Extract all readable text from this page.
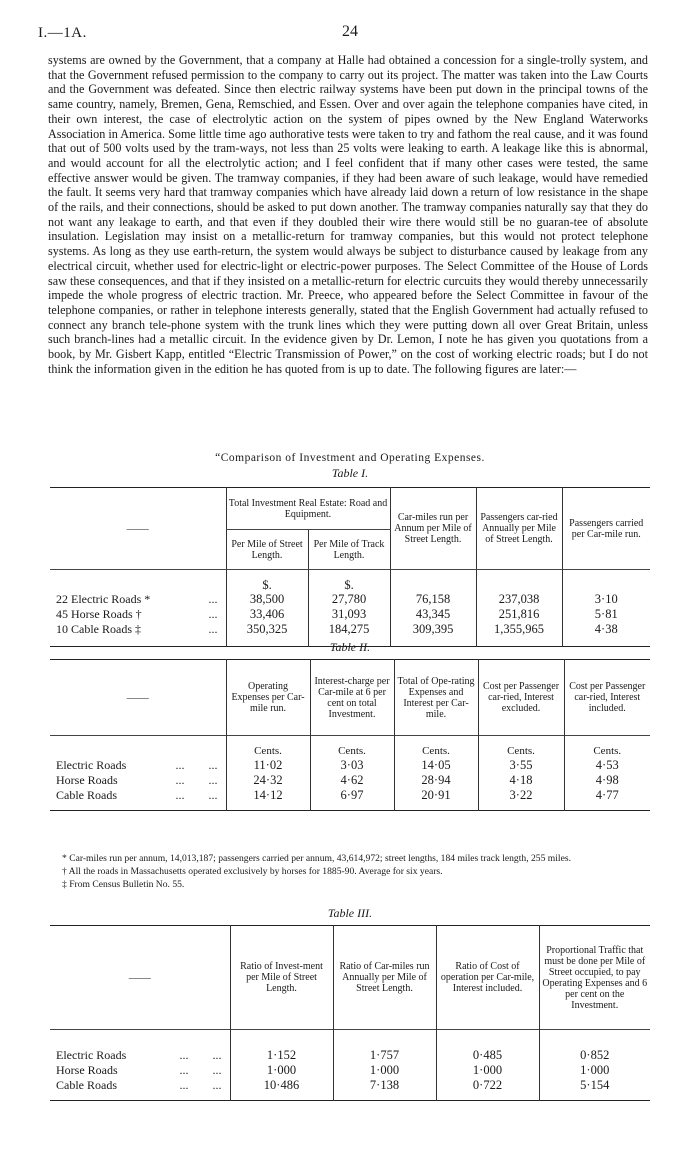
I.—1A.	24

systems are owned by the Government, that a company at Halle had obtained a concession for a single-trolly system, and that the Government refused permission to the company to carry out its project. The matter was taken into the Law Courts and the Government was defeated. Since then electric railway systems have been put down in the principal towns of the same country, namely, Bremen, Gena, Remschied, and Essen. Over and over again the telephone companies have cited, in their own interest, the case of electrolytic action on the system of pipes owned by the New England Waterworks Association in America. Some little time ago authorative tests were taken to try and fathom the real cause, and it was found that out of 500 volts used by the tram-ways, not less than 25 volts were leaking to earth. A leakage like this is abnormal, and would account for all the electrolytic action; and I feel confident that if many other cases were tested, the same effective answer would be given. The tramway companies, if they had been aware of such leakage, would have remedied the fault. It seems very hard that tramway companies which have already laid down a return of low resistance in the shape of the rails, and their connections, should be asked to put down another. The tramway companies naturally say that they do not want any leakage to earth, and that even if they doubled their wire there would still be no guaran-tee of absolute insulation. Legislation may insist on a metallic-return for tramway companies, but this would not protect telephone systems. As long as they use earth-return, the system would always be subject to disturbance caused by leakage from any electrical circuit, whether used for electric-light or electric-power purposes. The Select Committee of the House of Lords saw these consequences, and that if they insisted on a metallic-return for electric curcuits they would thereby unnecessarily impede the whole progress of electric traction. Mr. Preece, who appeared before the Select Committee in favour of the telephone companies, or rather in telephone interests generally, stated that the English Government had actually refused to connect any branch tele-phone system with the trunk lines which they were putting down all over Great Britain, unless such branch-lines had a metallic circuit. In the evidence given by Dr. Lemon, I note he has given you quotations from a book, by Mr. Gisbert Kapp, entitled “Electric Transmission of Power,” on the cost of working electric roads; but I do not think the information given in the edition he has quoted from is up to date. The following figures are later:—

“Comparison of Investment and Operating Expenses.
Table I.
——	Total Investment Real Estate: Road and Equipment.		Car-miles run per Annum per Mile of Street Length.	Passengers car-ried Annually per Mile of Street Length.	Passengers carried per Car-mile run.
	Per Mile of Street Length.	Per Mile of Track Length.			
	$.	$.			
22 Electric Roads * ...	38,500	27,780	76,158	237,038	3·10
45 Horse Roads † ...	33,406	31,093	43,345	251,816	5·81
10 Cable Roads ‡ ...	350,325	184,275	309,395	1,355,965	4·38

Table II.
——	Operating Expenses per Car-mile run.	Interest-charge per Car-mile at 6 per cent on total Investment.	Total of Ope-rating Expenses and Interest per Car-mile.	Cost per Passenger car-ried, Interest excluded.	Cost per Passenger car-ried, Interest included.
	Cents.	Cents.	Cents.	Cents.	Cents.
Electric Roads ...        ...	11·02	3·03	14·05	3·55	4·53
Horse Roads ...        ...	24·32	4·62	28·94	4·18	4·98
Cable Roads ...        ...	14·12	6·97	20·91	3·22	4·77

* Car-miles run per annum, 14,013,187; passengers carried per annum, 43,614,972; street lengths, 184 miles track length, 255 miles.

† All the roads in Massachusetts operated exclusively by horses for 1885-90. Average for six years.

‡ From Census Bulletin No. 55.

Table III.
——	Ratio of Invest-ment per Mile of Street Length.	Ratio of Car-miles run Annually per Mile of Street Length.	Ratio of Cost of operation per Car-mile, Interest included.	Proportional Traffic that must be done per Mile of Street occupied, to pay Operating Expenses and 6 per cent on the Investment.

Electric Roads ...        ...	1·152	1·757	0·485	0·852
Horse Roads ...        ...	1·000	1·000	1·000	1·000
Cable Roads ...        ...	10·486	7·138	0·722	5·154
